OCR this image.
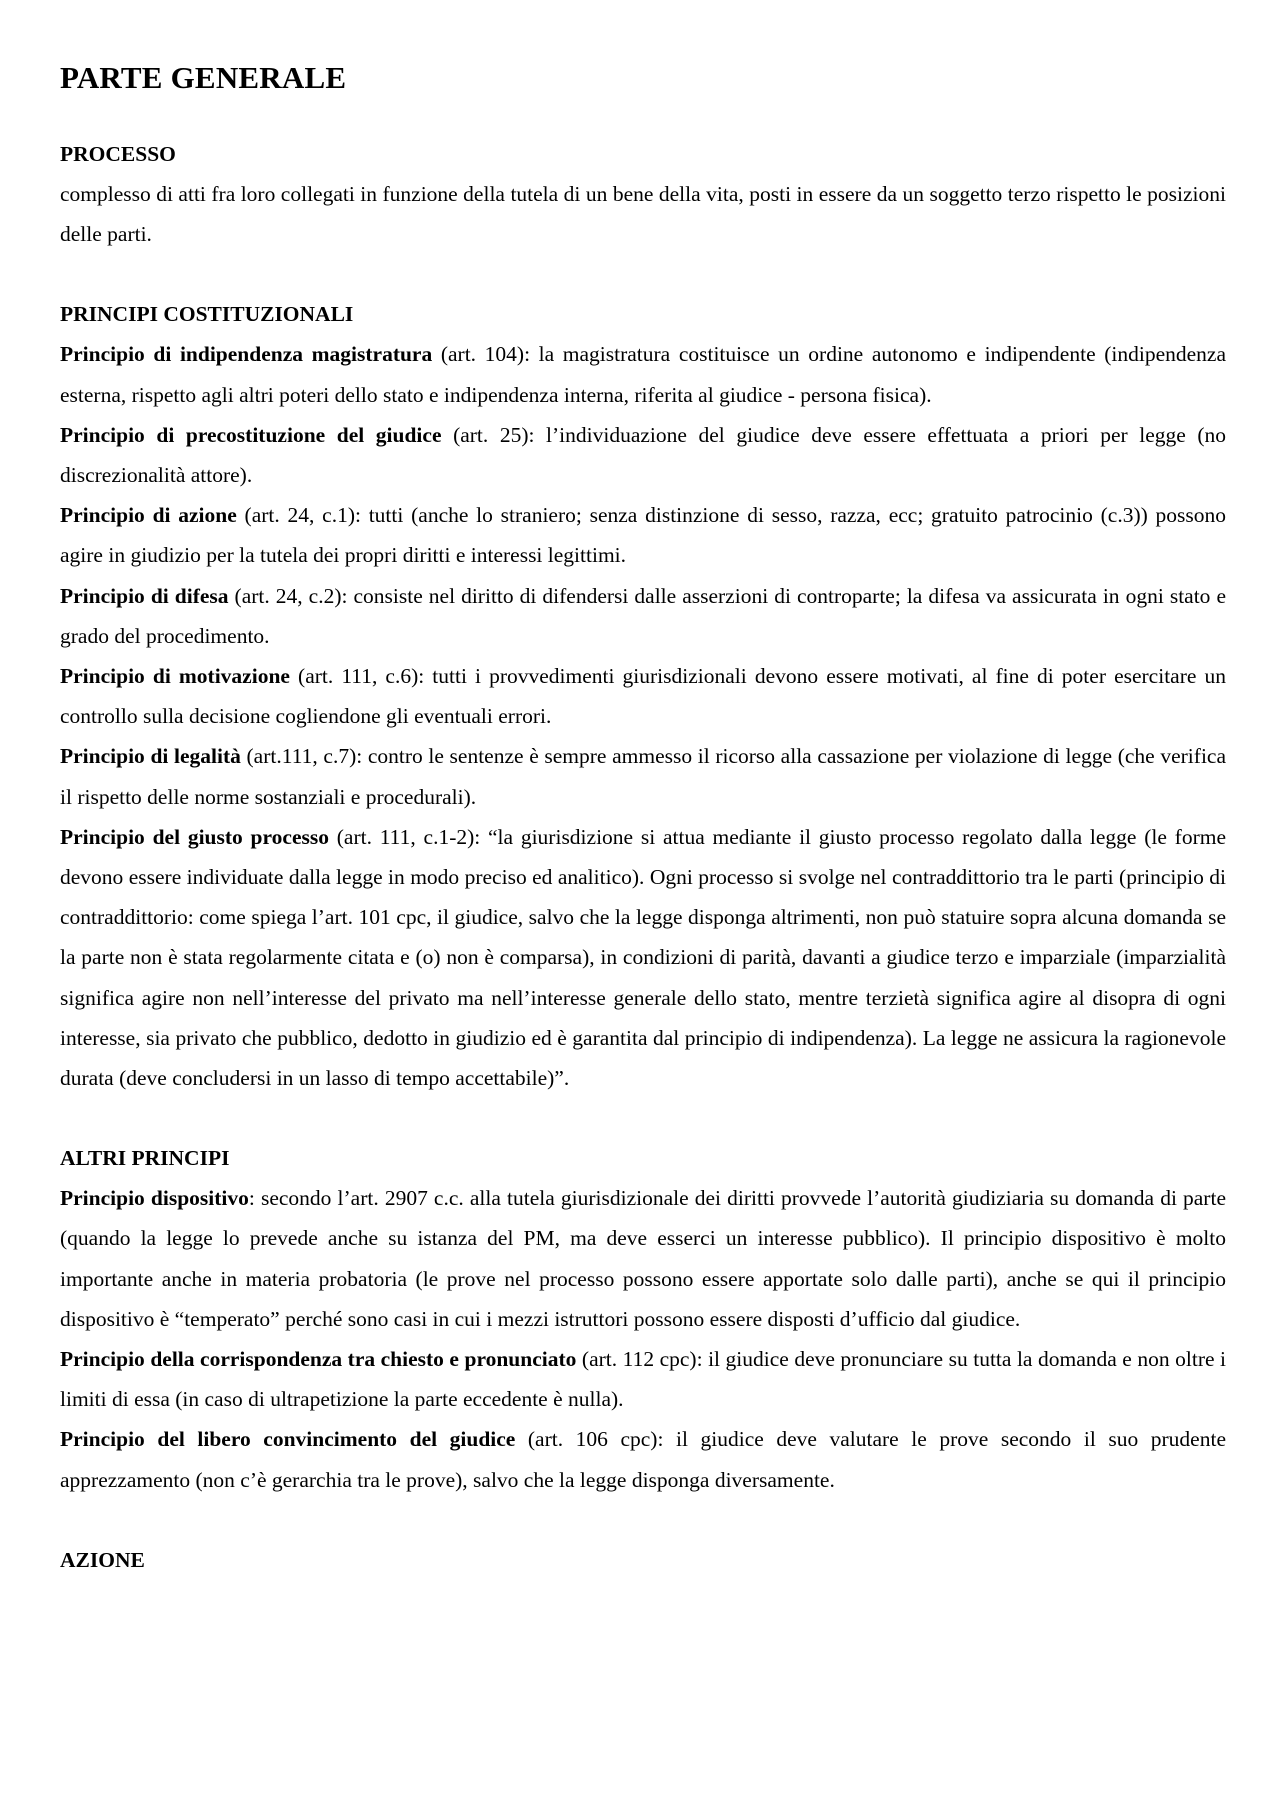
PARTE GENERALE
PROCESSO

complesso di atti fra loro collegati in funzione della tutela di un bene della vita, posti in essere da un soggetto terzo rispetto le posizioni delle parti.

PRINCIPI COSTITUZIONALI

Principio di indipendenza magistratura (art. 104): la magistratura costituisce un ordine autonomo e indipendente (indipendenza esterna, rispetto agli altri poteri dello stato e indipendenza interna, riferita al giudice - persona fisica).

Principio di precostituzione del giudice (art. 25): l’individuazione del giudice deve essere effettuata a priori per legge (no discrezionalità attore).

Principio di azione (art. 24, c.1): tutti (anche lo straniero; senza distinzione di sesso, razza, ecc; gratuito patrocinio (c.3)) possono agire in giudizio per la tutela dei propri diritti e interessi legittimi.

Principio di difesa (art. 24, c.2): consiste nel diritto di difendersi dalle asserzioni di controparte; la difesa va assicurata in ogni stato e grado del procedimento.

Principio di motivazione (art. 111, c.6): tutti i provvedimenti giurisdizionali devono essere motivati, al fine di poter esercitare un controllo sulla decisione cogliendone gli eventuali errori.

Principio di legalità (art.111, c.7): contro le sentenze è sempre ammesso il ricorso alla cassazione per violazione di legge (che verifica il rispetto delle norme sostanziali e procedurali).

Principio del giusto processo (art. 111, c.1-2): “la giurisdizione si attua mediante il giusto processo regolato dalla legge (le forme devono essere individuate dalla legge in modo preciso ed analitico). Ogni processo si svolge nel contraddittorio tra le parti (principio di contraddittorio: come spiega l’art. 101 cpc, il giudice, salvo che la legge disponga altrimenti, non può statuire sopra alcuna domanda se la parte non è stata regolarmente citata e (o) non è comparsa), in condizioni di parità, davanti a giudice terzo e imparziale (imparzialità significa agire non nell’interesse del privato ma nell’interesse generale dello stato, mentre terzietà significa agire al disopra di ogni interesse, sia privato che pubblico, dedotto in giudizio ed è garantita dal principio di indipendenza). La legge ne assicura la ragionevole durata (deve concludersi in un lasso di tempo accettabile)”.

ALTRI PRINCIPI

Principio dispositivo: secondo l’art. 2907 c.c. alla tutela giurisdizionale dei diritti provvede l’autorità giudiziaria su domanda di parte (quando la legge lo prevede anche su istanza del PM, ma deve esserci un interesse pubblico). Il principio dispositivo è molto importante anche in materia probatoria (le prove nel processo possono essere apportate solo dalle parti), anche se qui il principio dispositivo è “temperato” perché sono casi in cui i mezzi istruttori possono essere disposti d’ufficio dal giudice.

Principio della corrispondenza tra chiesto e pronunciato (art. 112 cpc): il giudice deve pronunciare su tutta la domanda e non oltre i limiti di essa (in caso di ultrapetizione la parte eccedente è nulla).

Principio del libero convincimento del giudice (art. 106 cpc): il giudice deve valutare le prove secondo il suo prudente apprezzamento (non c’è gerarchia tra le prove), salvo che la legge disponga diversamente.

AZIONE
